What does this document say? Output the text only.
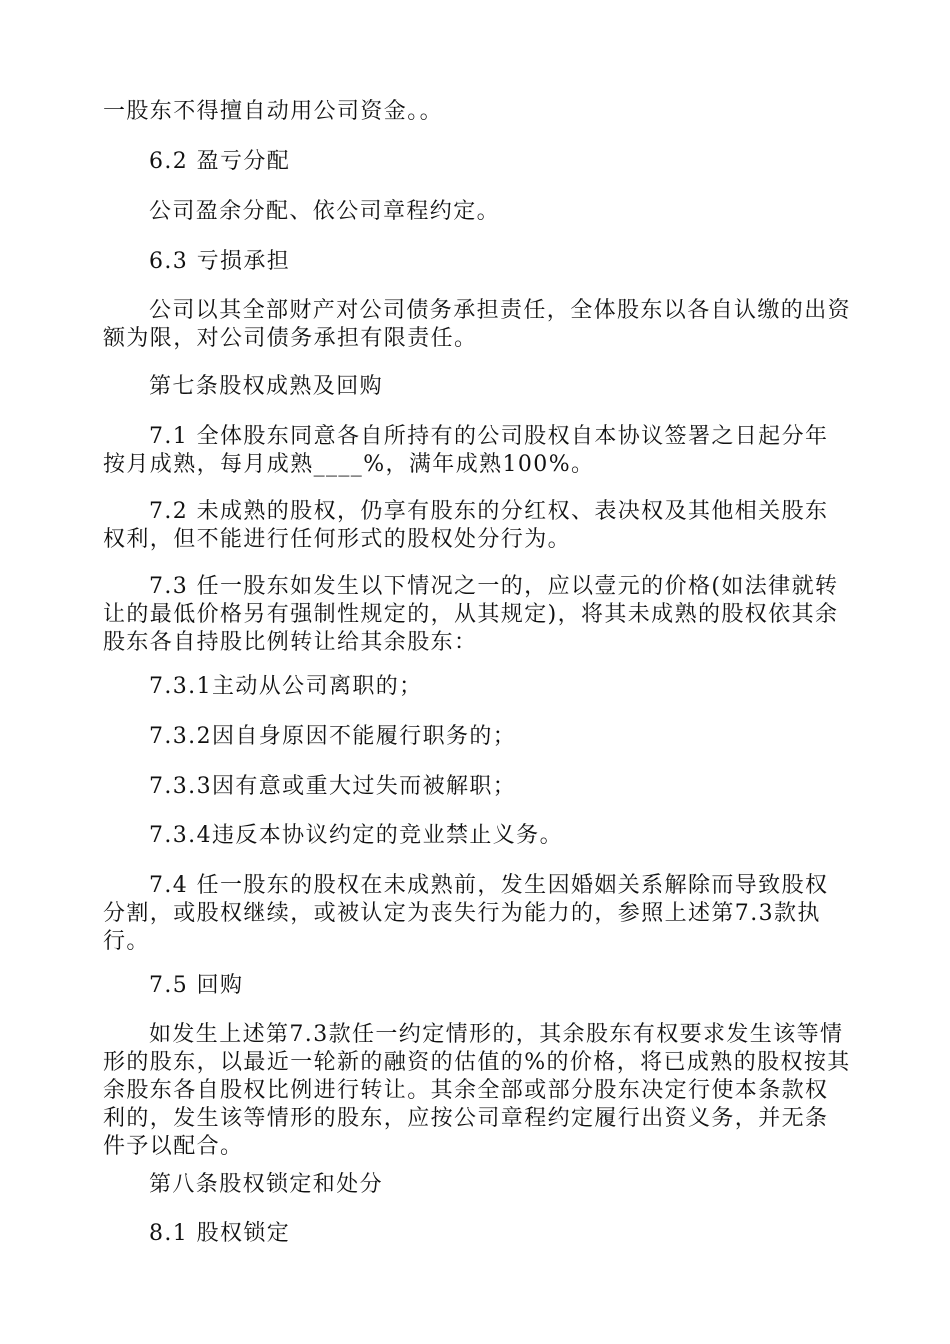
一股东不得擅自动用公司资金。。

6.2 盈亏分配

公司盈余分配、依公司章程约定。

6.3 亏损承担

公司以其全部财产对公司债务承担责任，全体股东以各自认缴的出资额为限，对公司债务承担有限责任。

第七条股权成熟及回购

7.1 全体股东同意各自所持有的公司股权自本协议签署之日起分年按月成熟，每月成熟____%，满年成熟100%。

7.2 未成熟的股权，仍享有股东的分红权、表决权及其他相关股东权利，但不能进行任何形式的股权处分行为。

7.3 任一股东如发生以下情况之一的，应以壹元的价格(如法律就转让的最低价格另有强制性规定的，从其规定)，将其未成熟的股权依其余股东各自持股比例转让给其余股东：

7.3.1主动从公司离职的；

7.3.2因自身原因不能履行职务的；

7.3.3因有意或重大过失而被解职；

7.3.4违反本协议约定的竞业禁止义务。

7.4 任一股东的股权在未成熟前，发生因婚姻关系解除而导致股权分割，或股权继续，或被认定为丧失行为能力的，参照上述第7.3款执行。

7.5 回购

如发生上述第7.3款任一约定情形的，其余股东有权要求发生该等情形的股东，以最近一轮新的融资的估值的%的价格，将已成熟的股权按其余股东各自股权比例进行转让。其余全部或部分股东决定行使本条款权利的，发生该等情形的股东，应按公司章程约定履行出资义务，并无条件予以配合。

第八条股权锁定和处分

8.1 股权锁定
